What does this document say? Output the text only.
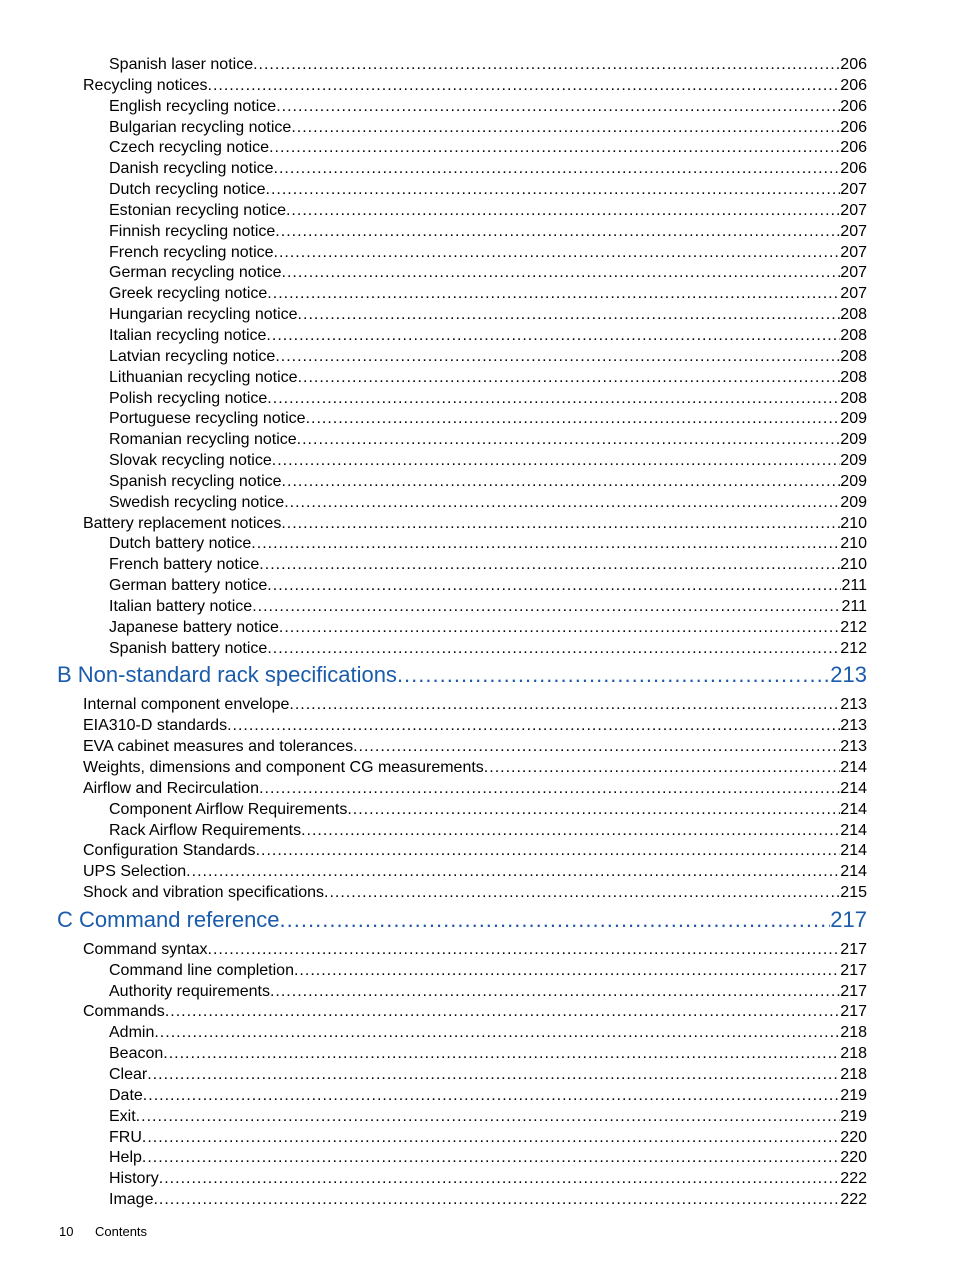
Spanish laser notice .....	206
Recycling notices .....	206
English recycling notice .....	206
Bulgarian recycling notice .....	206
Czech recycling notice .....	206
Danish recycling notice .....	206
Dutch recycling notice .....	207
Estonian recycling notice .....	207
Finnish recycling notice .....	207
French recycling notice .....	207
German recycling notice .....	207
Greek recycling notice .....	207
Hungarian recycling notice .....	208
Italian recycling notice .....	208
Latvian recycling notice .....	208
Lithuanian recycling notice .....	208
Polish recycling notice .....	208
Portuguese recycling notice .....	209
Romanian recycling notice .....	209
Slovak recycling notice .....	209
Spanish recycling notice .....	209
Swedish recycling notice .....	209
Battery replacement notices .....	210
Dutch battery notice .....	210
French battery notice .....	210
German battery notice .....	211
Italian battery notice .....	211
Japanese battery notice .....	212
Spanish battery notice .....	212
B Non-standard rack specifications .....	213
Internal component envelope .....	213
EIA310-D standards .....	213
EVA cabinet measures and tolerances .....	213
Weights, dimensions and component CG measurements .....	214
Airflow and Recirculation .....	214
Component Airflow Requirements .....	214
Rack Airflow Requirements .....	214
Configuration Standards .....	214
UPS Selection .....	214
Shock and vibration specifications .....	215
C Command reference .....	217
Command syntax .....	217
Command line completion .....	217
Authority requirements .....	217
Commands .....	217
Admin .....	218
Beacon .....	218
Clear .....	218
Date .....	219
Exit .....	219
FRU .....	220
Help .....	220
History .....	222
Image .....	222
10 Contents
